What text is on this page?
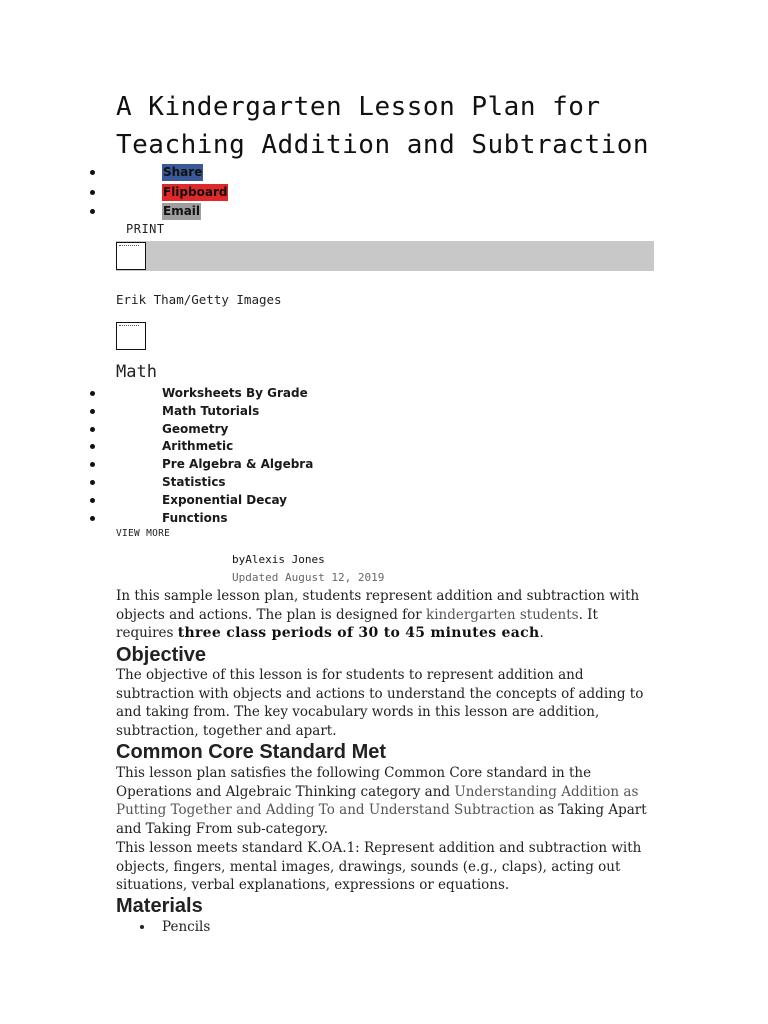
A Kindergarten Lesson Plan for Teaching Addition and Subtraction
Share
Flipboard
Email
PRINT
Erik Tham/Getty Images
Math
Worksheets By Grade
Math Tutorials
Geometry
Arithmetic
Pre Algebra & Algebra
Statistics
Exponential Decay
Functions
VIEW MORE
byAlexis Jones
Updated August 12, 2019

In this sample lesson plan, students represent addition and subtraction with objects and actions. The plan is designed for kindergarten students. It requires three class periods of 30 to 45 minutes each.

Objective

The objective of this lesson is for students to represent addition and subtraction with objects and actions to understand the concepts of adding to and taking from. The key vocabulary words in this lesson are addition, subtraction, together and apart.

Common Core Standard Met

This lesson plan satisfies the following Common Core standard in the Operations and Algebraic Thinking category and Understanding Addition as Putting Together and Adding To and Understand Subtraction as Taking Apart and Taking From sub-category.

This lesson meets standard K.OA.1: Represent addition and subtraction with objects, fingers, mental images, drawings, sounds (e.g., claps), acting out situations, verbal explanations, expressions or equations.

Materials
Pencils
